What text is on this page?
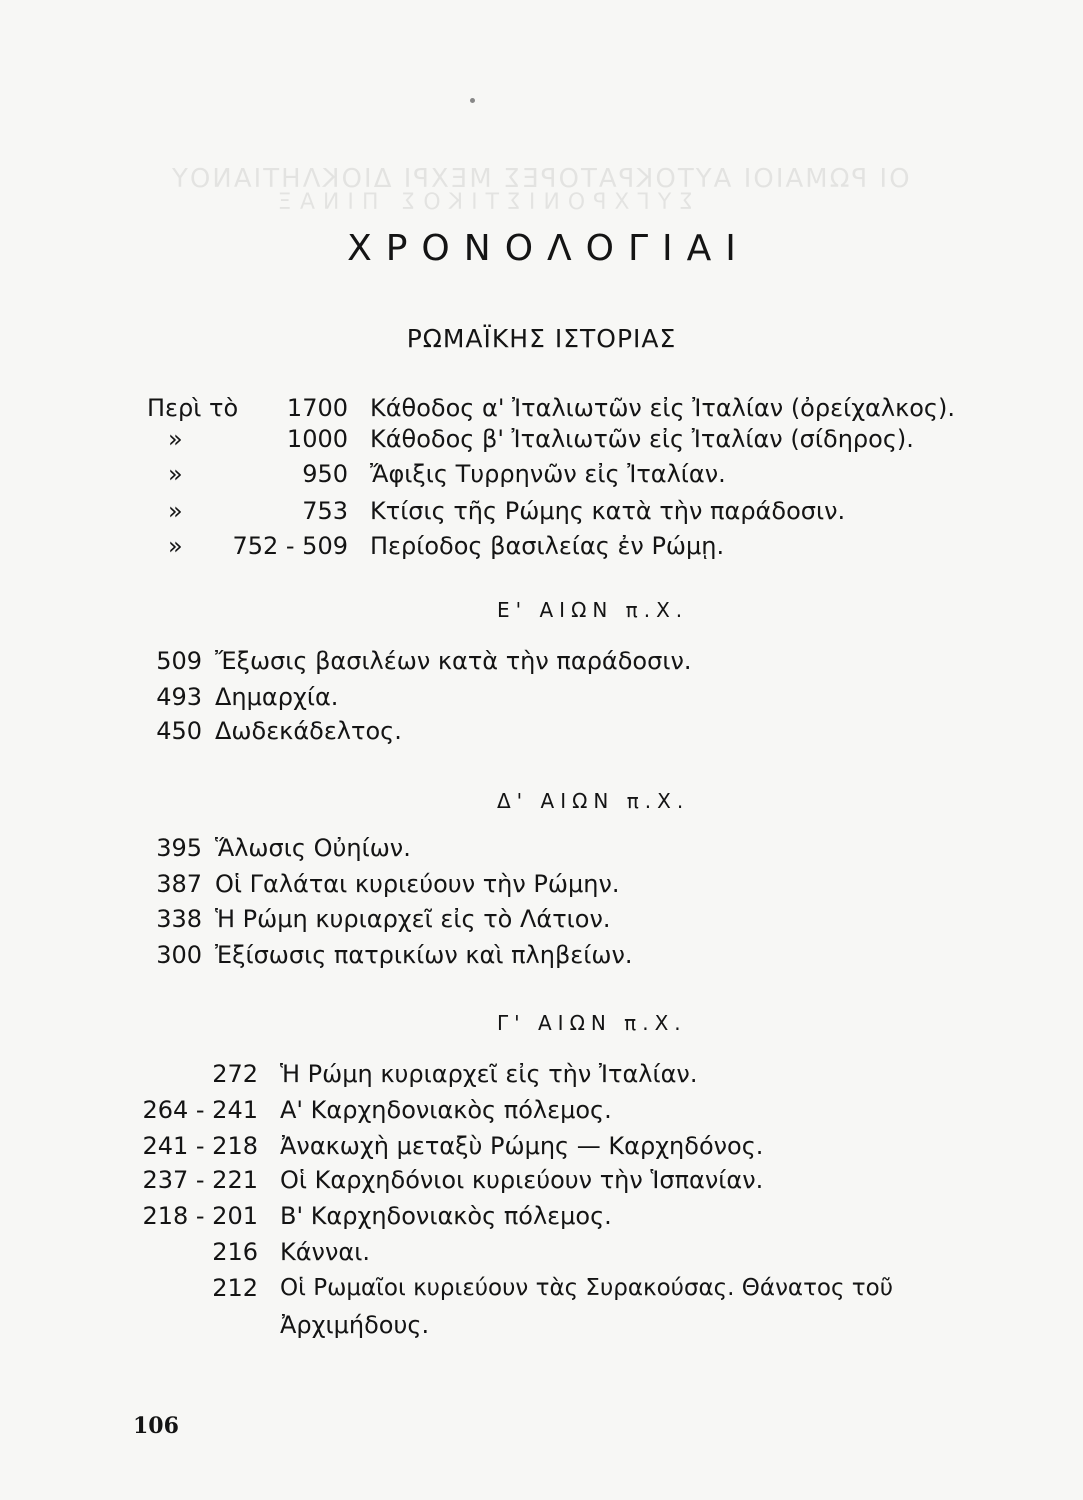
ΟΙ ΡΩΜΑΙΟΙ ΑΥΤΟΚΡΑΤΟΡΕΣ ΜΕΧΡΙ ΔΙΟΚΛΗΤΙΑΝΟΥ
ΣΥΓΧΡΟΝΙΣΤΙΚΟΣ ΠΙΝΑΞ
ΧΡΟΝΟΛΟΓΙΑΙ
ΡΩΜΑΪΚΗΣ ΙΣΤΟΡΙΑΣ
Περὶ τὸ	1700 Κάθοδος α' Ἰταλιωτῶν εἰς Ἰταλίαν (ὀρείχαλκος).
»	1000 Κάθοδος β' Ἰταλιωτῶν εἰς Ἰταλίαν (σίδηρος).
»	950 Ἄφιξις Τυρρηνῶν εἰς Ἰταλίαν.
»	753 Κτίσις τῆς Ρώμης κατὰ τὴν παράδοσιν.
»	752 - 509 Περίοδος βασιλείας ἐν Ρώμῃ.
Ε' ΑΙΩΝ π.Χ.
509 Ἔξωσις βασιλέων κατὰ τὴν παράδοσιν.
493 Δημαρχία.
450 Δωδεκάδελτος.
Δ' ΑΙΩΝ π.Χ.
395 Ἅλωσις Οὐηίων.
387 Οἱ Γαλάται κυριεύουν τὴν Ρώμην.
338 Ἡ Ρώμη κυριαρχεῖ εἰς τὸ Λάτιον.
300 Ἐξίσωσις πατρικίων καὶ πληβείων.
Γ' ΑΙΩΝ π.Χ.
272 Ἡ Ρώμη κυριαρχεῖ εἰς τὴν Ἰταλίαν.
264 - 241 Α' Καρχηδονιακὸς πόλεμος.
241 - 218 Ἀνακωχὴ μεταξὺ Ρώμης — Καρχηδόνος.
237 - 221 Οἱ Καρχηδόνιοι κυριεύουν τὴν Ἱσπανίαν.
218 - 201 Β' Καρχηδονιακὸς πόλεμος.
216 Κάνναι.
212 Οἱ Ρωμαῖοι κυριεύουν τὰς Συρακούσας. Θάνατος τοῦ
Ἀρχιμήδους.
106
